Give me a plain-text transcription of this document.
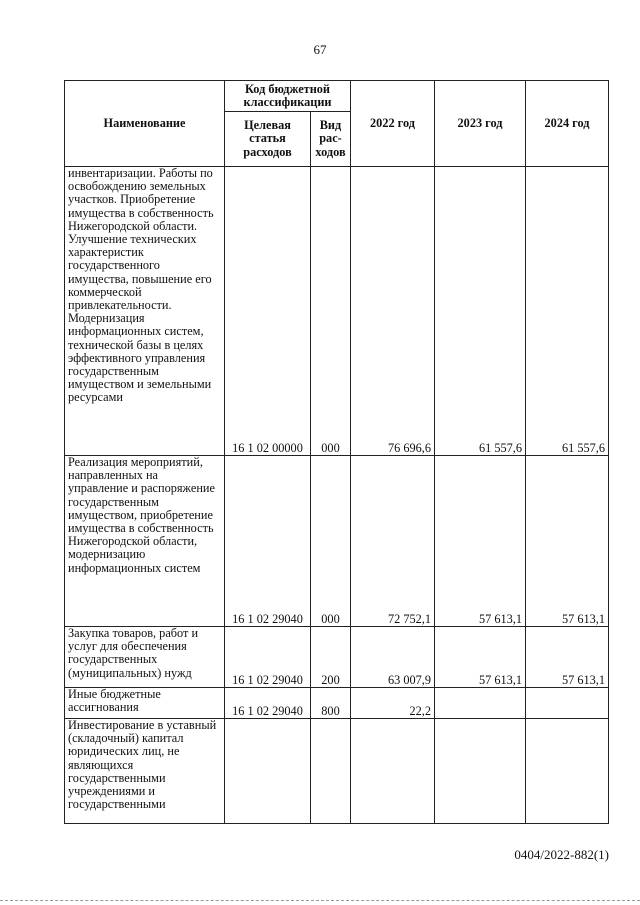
67
Наименование	Код бюджетной классификации		2022 год	2023 год	2024 год
	Целевая статья расходов	Вид рас-ходов			
инвентаризации. Работы по освобождению земельных участков. Приобретение имущества в собственность Нижегородской области. Улучшение технических характеристик государственного имущества, повышение его коммерческой привлекательности. Модернизация информационных систем, технической базы в целях эффективного управления государственным имуществом и земельными ресурсами	16 1 02 00000	000	76 696,6	61 557,6	61 557,6
Реализация мероприятий, направленных на управление и распоряжение государственным имуществом, приобретение имущества в собственность Нижегородской области, модернизацию информационных систем	16 1 02 29040	000	72 752,1	57 613,1	57 613,1
Закупка товаров, работ и услуг для обеспечения государственных (муниципальных) нужд	16 1 02 29040	200	63 007,9	57 613,1	57 613,1
Иные бюджетные ассигнования	16 1 02 29040	800	22,2		
Инвестирование в уставный (складочный) капитал юридических лиц, не являющихся государственными учреждениями и государственными					
0404/2022-882(1)
